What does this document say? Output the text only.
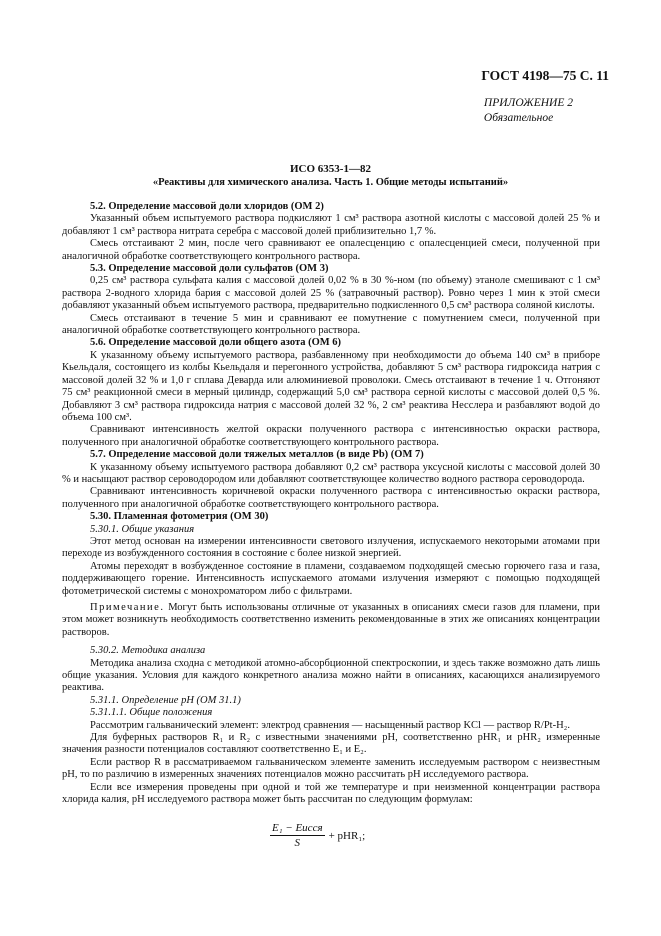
ГОСТ 4198—75 С. 11
ПРИЛОЖЕНИЕ 2
Обязательное
ИСО 6353-1—82
«Реактивы для химического анализа. Часть 1. Общие методы испытаний»

5.2. Определение массовой доли хлоридов (ОМ 2)

Указанный объем испытуемого раствора подкисляют 1 см³ раствора азотной кислоты с массовой долей 25 % и добавляют 1 см³ раствора нитрата серебра с массовой долей приблизительно 1,7 %.

Смесь отстаивают 2 мин, после чего сравнивают ее опалесценцию с опалесценцией смеси, полученной при аналогичной обработке соответствующего контрольного раствора.

5.3. Определение массовой доли сульфатов (ОМ 3)

0,25 см³ раствора сульфата калия с массовой долей 0,02 % в 30 %-ном (по объему) этаноле смешивают с 1 см³ раствора 2-водного хлорида бария с массовой долей 25 % (затравочный раствор). Ровно через 1 мин к этой смеси добавляют указанный объем испытуемого раствора, предварительно подкисленного 0,5 см³ раствора соляной кислоты.

Смесь отстаивают в течение 5 мин и сравнивают ее помутнение с помутнением смеси, полученной при аналогичной обработке соответствующего контрольного раствора.

5.6. Определение массовой доли общего азота (ОМ 6)

К указанному объему испытуемого раствора, разбавленному при необходимости до объема 140 см³ в приборе Кьельдаля, состоящего из колбы Кьельдаля и перегонного устройства, добавляют 5 см³ раствора гидроксида натрия с массовой долей 32 % и 1,0 г сплава Деварда или алюминиевой проволоки. Смесь отстаивают в течение 1 ч. Отгоняют 75 см³ реакционной смеси в мерный цилиндр, содержащий 5,0 см³ раствора серной кислоты с массовой долей 0,5 %. Добавляют 3 см³ раствора гидроксида натрия с массовой долей 32 %, 2 см³ реактива Несслера и разбавляют водой до объема 100 см³.

Сравнивают интенсивность желтой окраски полученного раствора с интенсивностью окраски раствора, полученного при аналогичной обработке соответствующего контрольного раствора.

5.7. Определение массовой доли тяжелых металлов (в виде Pb) (ОМ 7)

К указанному объему испытуемого раствора добавляют 0,2 см³ раствора уксусной кислоты с массовой долей 30 % и насыщают раствор сероводородом или добавляют соответствующее количество водного раствора сероводорода.

Сравнивают интенсивность коричневой окраски полученного раствора с интенсивностью окраски раствора, полученного при аналогичной обработке соответствующего контрольного раствора.

5.30. Пламенная фотометрия (ОМ 30)

5.30.1. Общие указания

Этот метод основан на измерении интенсивности светового излучения, испускаемого некоторыми атомами при переходе из возбужденного состояния в состояние с более низкой энергией.

Атомы переходят в возбужденное состояние в пламени, создаваемом подходящей смесью горючего газа и газа, поддерживающего горение. Интенсивность испускаемого атомами излучения измеряют с помощью подходящей фотометрической системы с монохроматором либо с фильтрами.

Примечание. Могут быть использованы отличные от указанных в описаниях смеси газов для пламени, при этом может возникнуть необходимость соответственно изменить рекомендованные в этих же описаниях концентрации растворов.

5.30.2. Методика анализа

Методика анализа сходна с методикой атомно-абсорбционной спектроскопии, и здесь также возможно дать лишь общие указания. Условия для каждого конкретного анализа можно найти в описаниях, касающихся анализируемого реактива.

5.31.1. Определение pH (ОМ 31.1)

5.31.1.1. Общие положения

Рассмотрим гальванический элемент: электрод сравнения — насыщенный раствор KCl — раствор R/Pt-H₂.

Для буферных растворов R₁ и R₂ с известными значениями pH, соответственно pHR₁ и pHR₂ измеренные значения разности потенциалов составляют соответственно E₁ и E₂.

Если раствор R в рассматриваемом гальваническом элементе заменить исследуемым раствором с неизвестным pH, то по различию в измеренных значениях потенциалов можно рассчитать pH исследуемого раствора.

Если все измерения проведены при одной и той же температуре и при неизменной концентрации раствора хлорида калия, pH исследуемого раствора может быть рассчитан по следующим формулам:

$\frac{\text{E₁ − Eисся}}{S} + pHR_1$;
